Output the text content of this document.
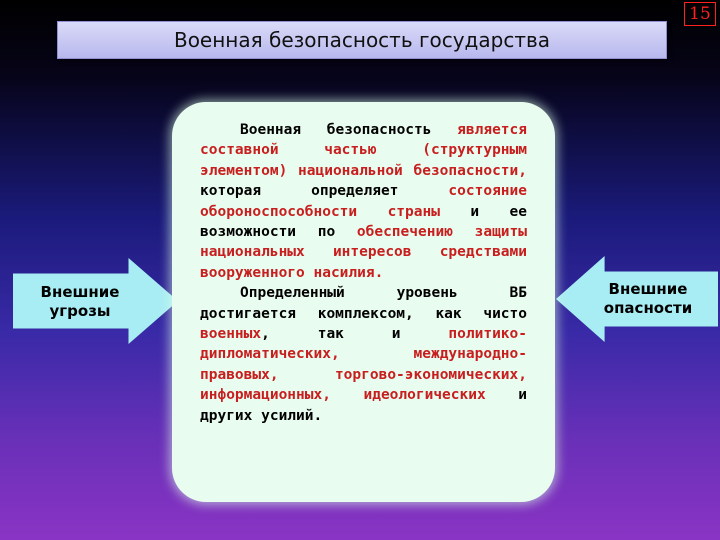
15
Военная безопасность государства
Внешние угрозы
Внешние опасности

Военная безопасность является составной частью (структурным элементом) национальной безопасности, которая определяет состояние обороноспособности страны и ее возможности по обеспечению защиты национальных интересов средствами вооруженного насилия.

Определенный уровень ВБ достигается комплексом, как чисто военных, так и политико-дипломатических, международно-правовых, торгово-экономических, информационных, идеологических и других усилий.
